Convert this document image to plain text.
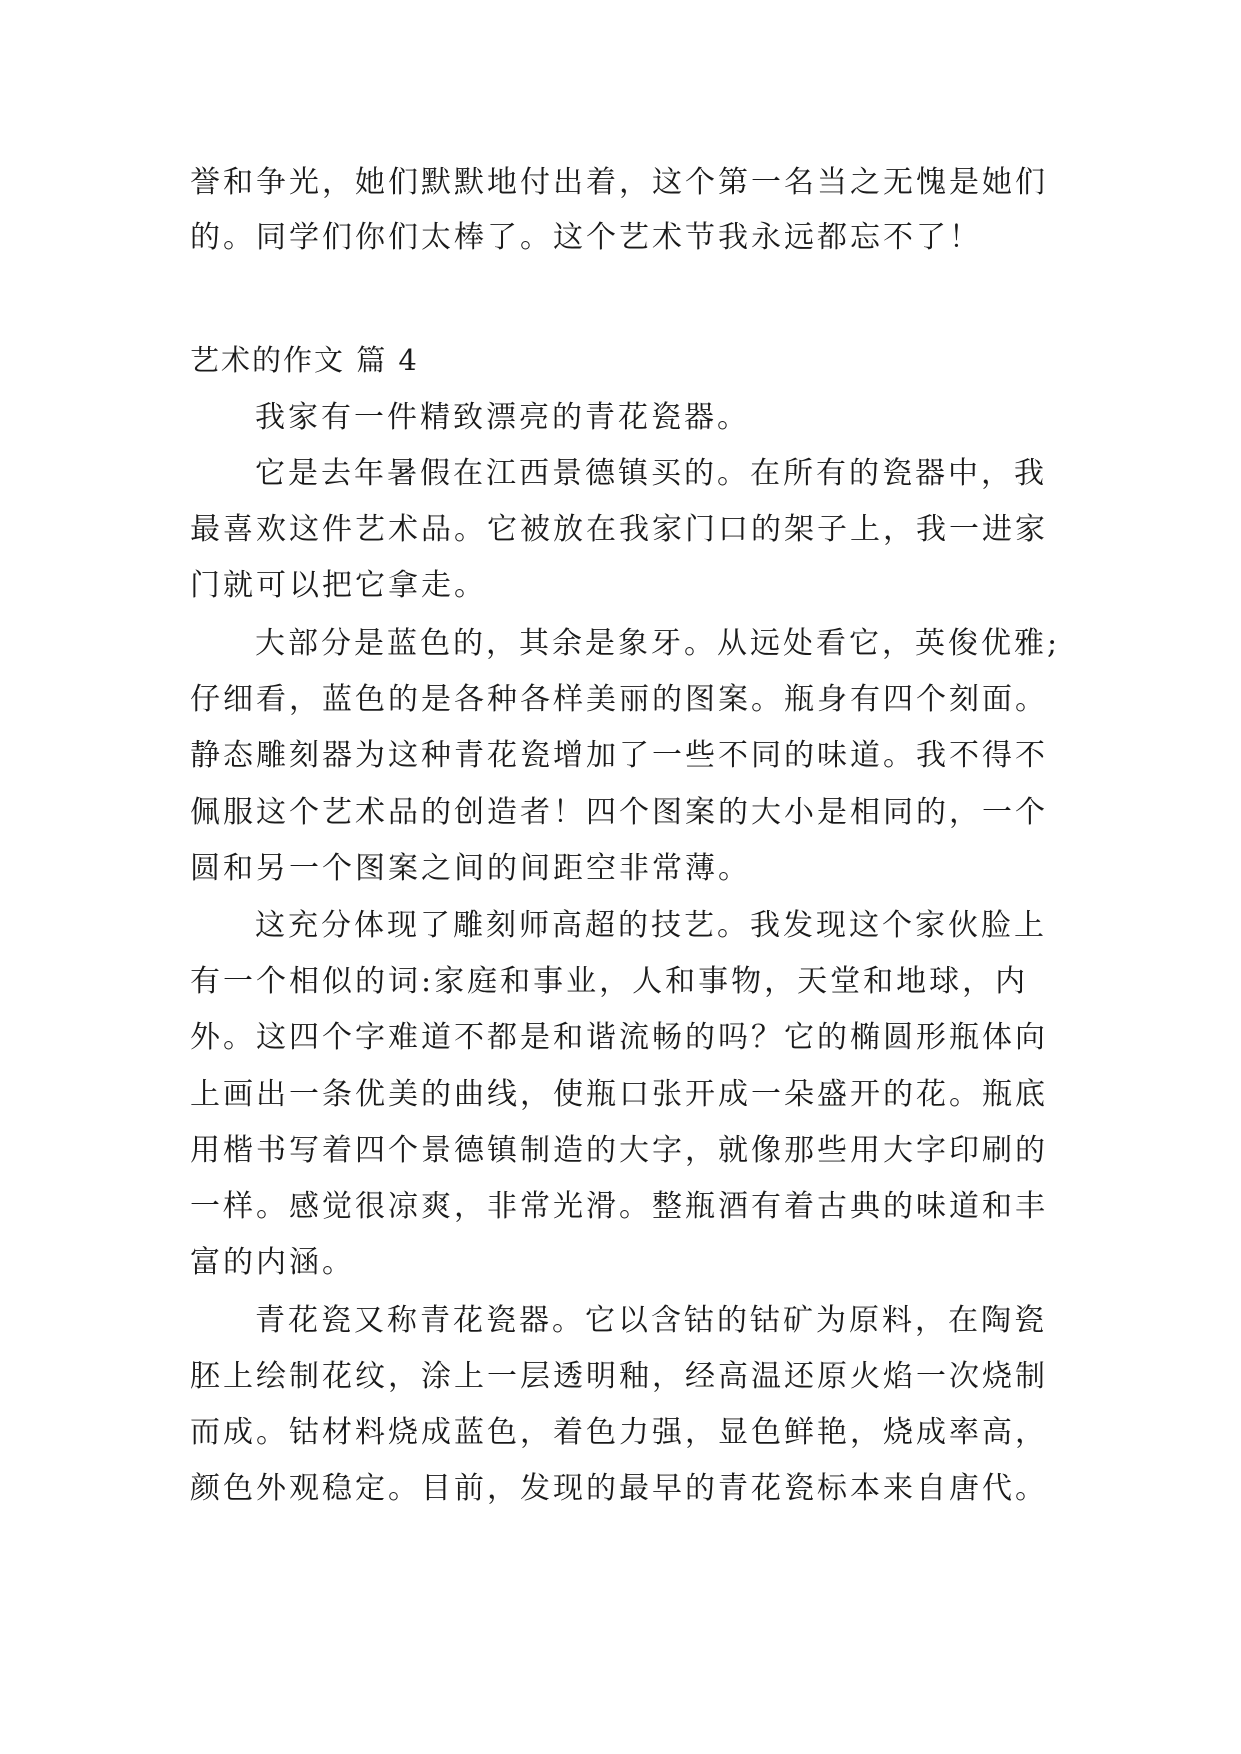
誉和争光，她们默默地付出着，这个第一名当之无愧是她们
的。同学们你们太棒了。这个艺术节我永远都忘不了！
艺术的作文 篇 4
我家有一件精致漂亮的青花瓷器。
它是去年暑假在江西景德镇买的。在所有的瓷器中，我
最喜欢这件艺术品。它被放在我家门口的架子上，我一进家
门就可以把它拿走。
大部分是蓝色的，其余是象牙。从远处看它，英俊优雅;
仔细看，蓝色的是各种各样美丽的图案。瓶身有四个刻面。
静态雕刻器为这种青花瓷增加了一些不同的味道。我不得不
佩服这个艺术品的创造者！四个图案的大小是相同的，一个
圆和另一个图案之间的间距空非常薄。
这充分体现了雕刻师高超的技艺。我发现这个家伙脸上
有一个相似的词:家庭和事业，人和事物，天堂和地球，内
外。这四个字难道不都是和谐流畅的吗？它的椭圆形瓶体向
上画出一条优美的曲线，使瓶口张开成一朵盛开的花。瓶底
用楷书写着四个景德镇制造的大字，就像那些用大字印刷的
一样。感觉很凉爽，非常光滑。整瓶酒有着古典的味道和丰
富的内涵。
青花瓷又称青花瓷器。它以含钴的钴矿为原料，在陶瓷
胚上绘制花纹，涂上一层透明釉，经高温还原火焰一次烧制
而成。钴材料烧成蓝色，着色力强，显色鲜艳，烧成率高，
颜色外观稳定。目前，发现的最早的青花瓷标本来自唐代。
